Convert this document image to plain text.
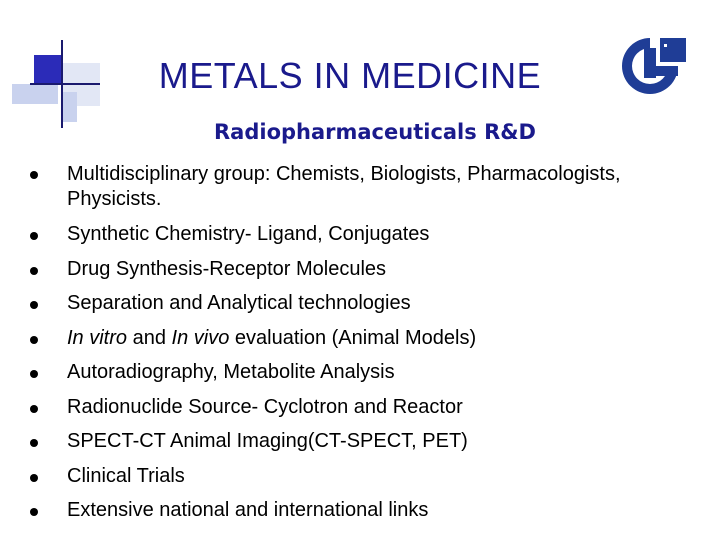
METALS IN MEDICINE
Radiopharmaceuticals R&D
Multidisciplinary group: Chemists, Biologists, Pharmacologists, Physicists.
Synthetic Chemistry- Ligand, Conjugates
Drug Synthesis-Receptor Molecules
Separation and Analytical technologies
In vitro and In vivo evaluation (Animal Models)
Autoradiography, Metabolite Analysis
Radionuclide Source- Cyclotron and Reactor
SPECT-CT Animal Imaging(CT-SPECT, PET)
Clinical Trials
Extensive national and international links
